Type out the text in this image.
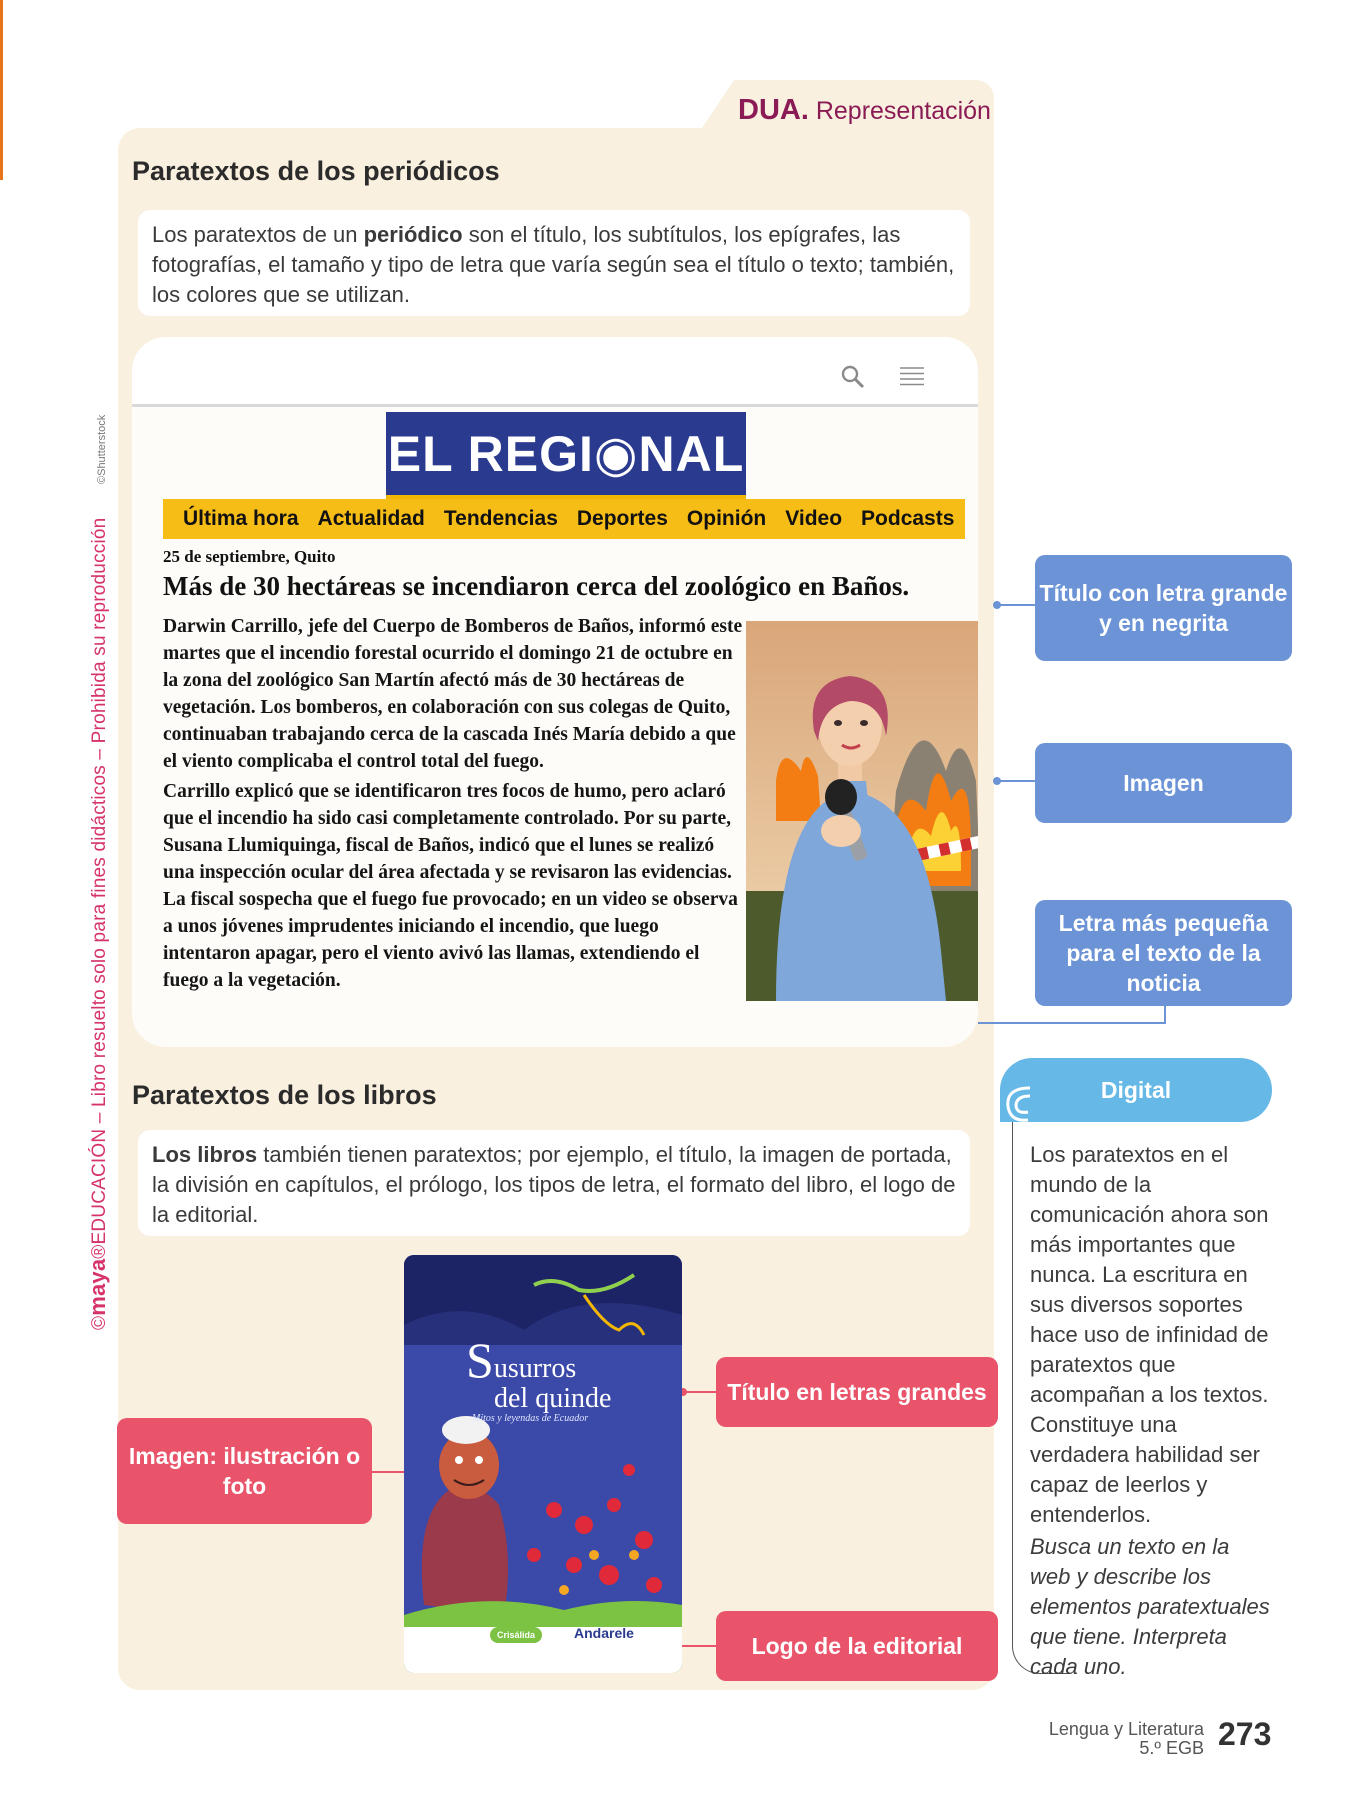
©maya®EDUCACIÓN – Libro resuelto solo para fines didácticos – Prohibida su reproducción
©Shutterstock
DUA. Representación
Paratextos de los periódicos
Los paratextos de un periódico son el título, los subtítulos, los epígrafes, las fotografías, el tamaño y tipo de letra que varía según sea el título o texto; también, los colores que se utilizan.
EL REGI◉NAL
Última hora Actualidad Tendencias Deportes Opinión Video Podcasts
25 de septiembre, Quito
Más de 30 hectáreas se incendiaron cerca del zoológico en Baños.

Darwin Carrillo, jefe del Cuerpo de Bomberos de Baños, informó este martes que el incendio forestal ocurrido el domingo 21 de octubre en la zona del zoológico San Martín afectó más de 30 hectáreas de vegetación. Los bomberos, en colaboración con sus colegas de Quito, continuaban trabajando cerca de la cascada Inés María debido a que el viento complicaba el control total del fuego.

Carrillo explicó que se identificaron tres focos de humo, pero aclaró que el incendio ha sido casi completamente controlado. Por su parte, Susana Llumiquinga, fiscal de Baños, indicó que el lunes se realizó una inspección ocular del área afectada y se revisaron las evidencias. La fiscal sospecha que el fuego fue provocado; en un video se observa a unos jóvenes imprudentes iniciando el incendio, que luego intentaron apagar, pero el viento avivó las llamas, extendiendo el fuego a la vegetación.

Título con letra grande y en negrita
Imagen
Letra más pequeña para el texto de la noticia
Paratextos de los libros
Los libros también tienen paratextos; por ejemplo, el título, la imagen de portada, la división en capítulos, el prólogo, los tipos de letra, el formato del libro, el logo de la editorial.
Susurros
del quinde
Mitos y leyendas de Ecuador
Crisálida	Andarele
Título en letras grandes
Imagen: ilustración o foto
Logo de la editorial
Digital
Los paratextos en el mundo de la comunicación ahora son más importantes que nunca. La escritura en sus diversos soportes hace uso de infinidad de paratextos que acompañan a los textos. Constituye una verdadera habilidad ser capaz de leerlos y entenderlos.
Busca un texto en la web y describe los elementos paratextuales que tiene. Interpreta cada uno.
Lengua y Literatura
5.º EGB 273
